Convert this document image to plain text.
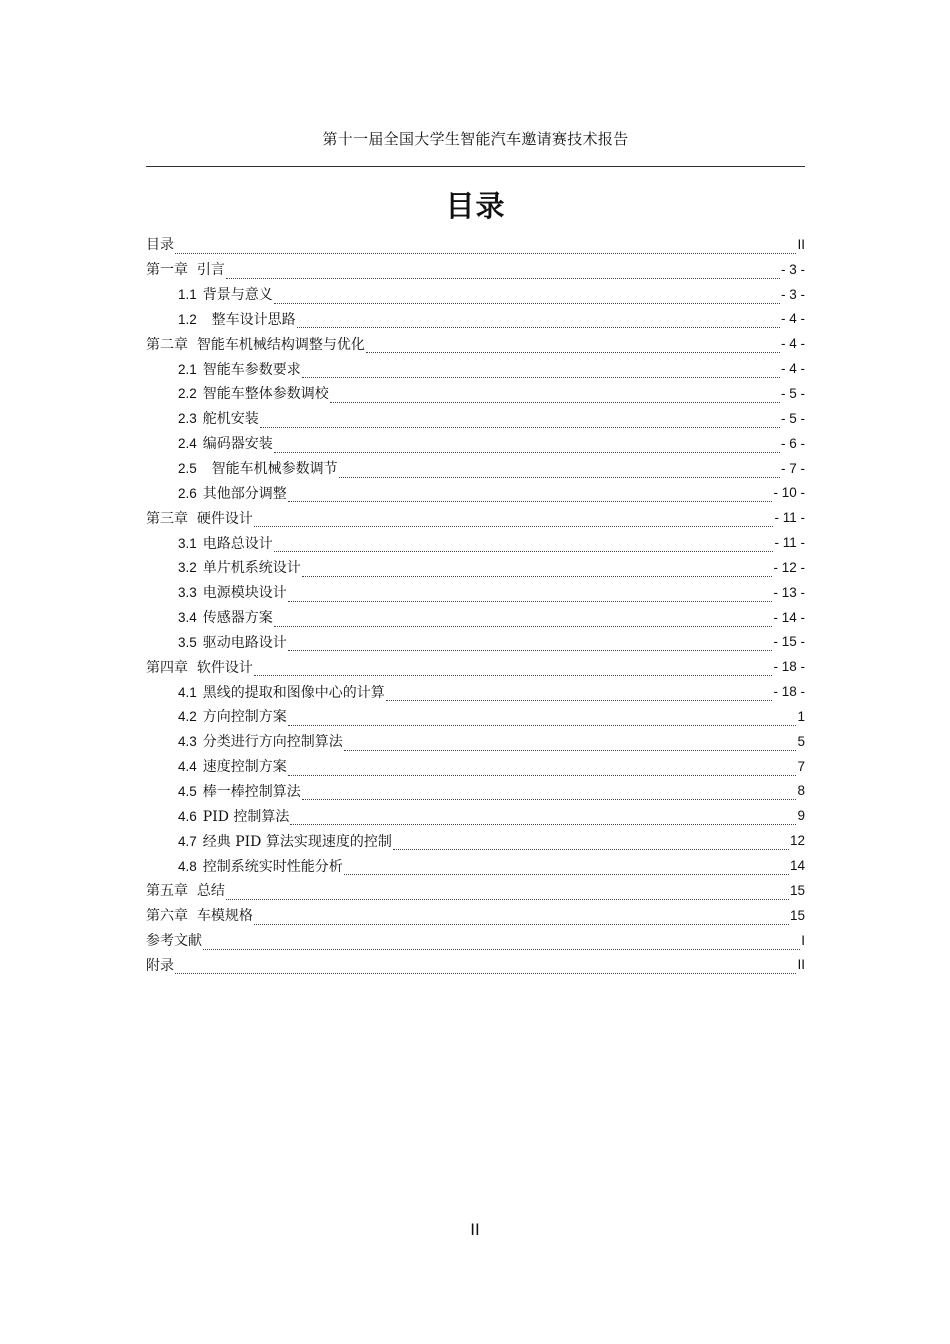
第十一届全国大学生智能汽车邀请赛技术报告
目录
目录	II
第一章  引言	- 3 -
1.1 背景与意义	- 3 -
1.2  整车设计思路	- 4 -
第二章  智能车机械结构调整与优化	- 4 -
2.1 智能车参数要求	- 4 -
2.2 智能车整体参数调校	- 5 -
2.3 舵机安装	- 5 -
2.4 编码器安装	- 6 -
2.5  智能车机械参数调节	- 7 -
2.6 其他部分调整	- 10 -
第三章  硬件设计	- 11 -
3.1 电路总设计	- 11 -
3.2 单片机系统设计	- 12 -
3.3 电源模块设计	- 13 -
3.4 传感器方案	- 14 -
3.5 驱动电路设计	- 15 -
第四章  软件设计	- 18 -
4.1 黑线的提取和图像中心的计算	- 18 -
4.2 方向控制方案	1
4.3 分类进行方向控制算法	5
4.4 速度控制方案	7
4.5 棒一棒控制算法	8
4.6 PID 控制算法	9
4.7 经典 PID 算法实现速度的控制	12
4.8 控制系统实时性能分析	14
第五章  总结	15
第六章  车模规格	15
参考文献	I
附录	II
II
